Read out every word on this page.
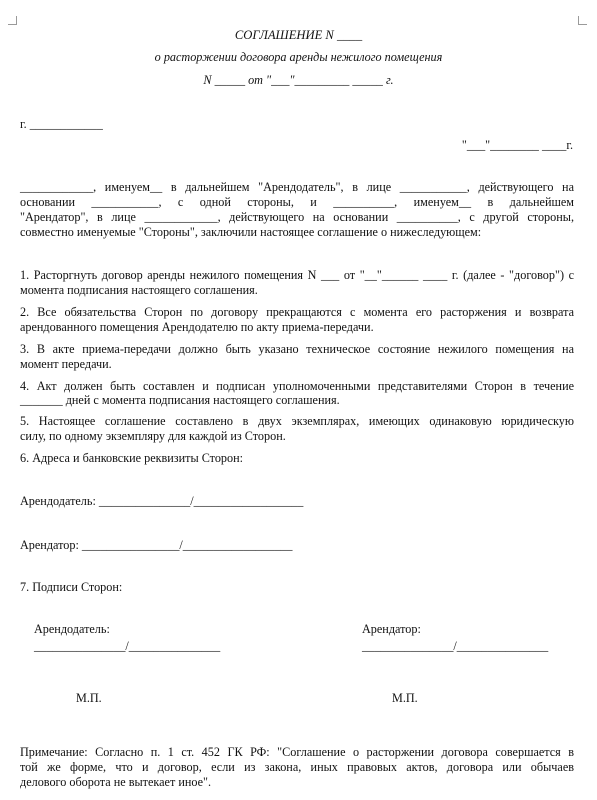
СОГЛАШЕНИЕ N ____
о расторжении договора аренды нежилого помещения
N _____ от "___"_________ _____ г.
г. ____________
"___"________ ____г.
____________, именуем__ в дальнейшем "Арендодатель", в лице ___________, действующего на
основании ___________, с одной стороны, и __________, именуем__ в дальнейшем
"Арендатор", в лице ____________, действующего на основании __________, с другой стороны,
совместно именуемые "Стороны", заключили настоящее соглашение о нижеследующем:
1. Расторгнуть договор аренды нежилого помещения N ___ от "__"______ ____ г. (далее - "договор") с
момента подписания настоящего соглашения.
2. Все обязательства Сторон по договору прекращаются с момента его расторжения и возврата
арендованного помещения Арендодателю по акту приема-передачи.
3. В акте приема-передачи должно быть указано техническое состояние нежилого помещения на
момент передачи.
4. Акт должен быть составлен и подписан уполномоченными представителями Сторон в течение
_______ дней с момента подписания настоящего соглашения.
5. Настоящее соглашение составлено в двух экземплярах, имеющих одинаковую юридическую
силу, по одному экземпляру для каждой из Сторон.
6. Адреса и банковские реквизиты Сторон:
Арендодатель: _______________/__________________
Арендатор: ________________/__________________
7. Подписи Сторон:
Арендодатель:
_______________/_______________
Арендатор:
_______________/_______________
М.П.	М.П.
Примечание: Согласно п. 1 ст. 452 ГК РФ: "Соглашение о расторжении договора совершается в
той же форме, что и договор, если из закона, иных правовых актов, договора или обычаев
делового оборота не вытекает иное".
